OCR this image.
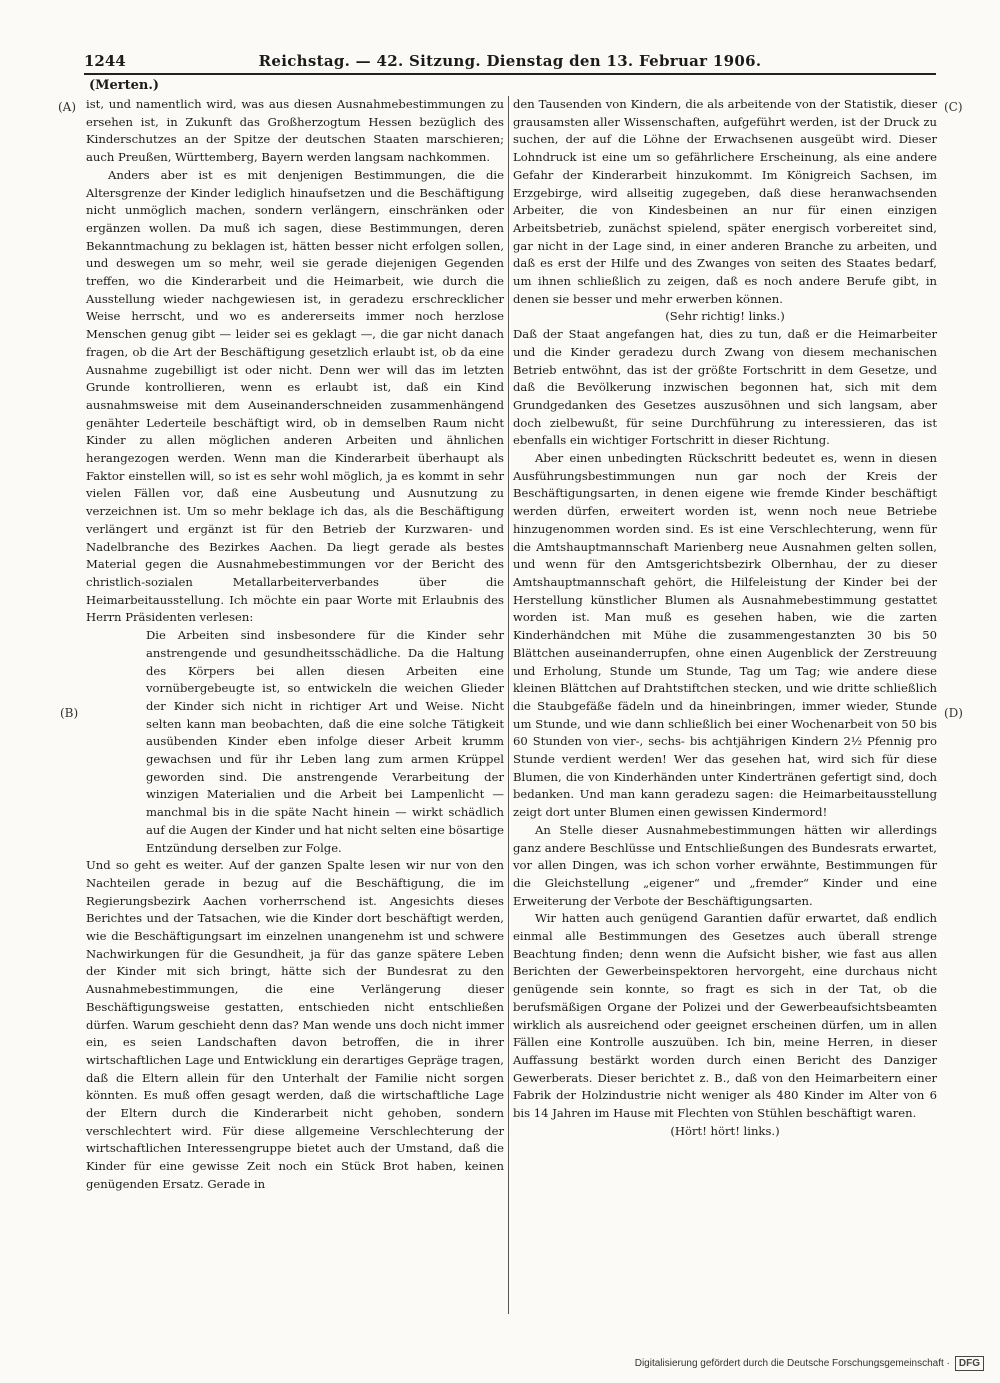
1244	Reichstag. — 42. Sitzung. Dienstag den 13. Februar 1906.
(Merten.)
(A)
(B)
(C)
(D)

ist, und namentlich wird, was aus diesen Ausnahmebestimmungen zu ersehen ist, in Zukunft das Großherzogtum Hessen bezüglich des Kinderschutzes an der Spitze der deutschen Staaten marschieren; auch Preußen, Württemberg, Bayern werden langsam nachkommen.

Anders aber ist es mit denjenigen Bestimmungen, die die Altersgrenze der Kinder lediglich hinaufsetzen und die Beschäftigung nicht unmöglich machen, sondern verlängern, einschränken oder ergänzen wollen. Da muß ich sagen, diese Bestimmungen, deren Bekanntmachung zu beklagen ist, hätten besser nicht erfolgen sollen, und deswegen um so mehr, weil sie gerade diejenigen Gegenden treffen, wo die Kinderarbeit und die Heimarbeit, wie durch die Ausstellung wieder nachgewiesen ist, in geradezu erschrecklicher Weise herrscht, und wo es andererseits immer noch herzlose Menschen genug gibt — leider sei es geklagt —, die gar nicht danach fragen, ob die Art der Beschäftigung gesetzlich erlaubt ist, ob da eine Ausnahme zugebilligt ist oder nicht. Denn wer will das im letzten Grunde kontrollieren, wenn es erlaubt ist, daß ein Kind ausnahmsweise mit dem Auseinanderschneiden zusammenhängend genähter Lederteile beschäftigt wird, ob in demselben Raum nicht Kinder zu allen möglichen anderen Arbeiten und ähnlichen herangezogen werden. Wenn man die Kinderarbeit überhaupt als Faktor einstellen will, so ist es sehr wohl möglich, ja es kommt in sehr vielen Fällen vor, daß eine Ausbeutung und Ausnutzung zu verzeichnen ist. Um so mehr beklage ich das, als die Beschäftigung verlängert und ergänzt ist für den Betrieb der Kurzwaren- und Nadelbranche des Bezirkes Aachen. Da liegt gerade als bestes Material gegen die Ausnahmebestimmungen vor der Bericht des christlich-sozialen Metallarbeiterverbandes über die Heimarbeitausstellung. Ich möchte ein paar Worte mit Erlaubnis des Herrn Präsidenten verlesen:

Die Arbeiten sind insbesondere für die Kinder sehr anstrengende und gesundheitsschädliche. Da die Haltung des Körpers bei allen diesen Arbeiten eine vornübergebeugte ist, so entwickeln die weichen Glieder der Kinder sich nicht in richtiger Art und Weise. Nicht selten kann man beobachten, daß die eine solche Tätigkeit ausübenden Kinder eben infolge dieser Arbeit krumm gewachsen und für ihr Leben lang zum armen Krüppel geworden sind. Die anstrengende Verarbeitung der winzigen Materialien und die Arbeit bei Lampenlicht — manchmal bis in die späte Nacht hinein — wirkt schädlich auf die Augen der Kinder und hat nicht selten eine bösartige Entzündung derselben zur Folge.

Und so geht es weiter. Auf der ganzen Spalte lesen wir nur von den Nachteilen gerade in bezug auf die Beschäftigung, die im Regierungsbezirk Aachen vorherrschend ist. Angesichts dieses Berichtes und der Tatsachen, wie die Kinder dort beschäftigt werden, wie die Beschäftigungsart im einzelnen unangenehm ist und schwere Nachwirkungen für die Gesundheit, ja für das ganze spätere Leben der Kinder mit sich bringt, hätte sich der Bundesrat zu den Ausnahmebestimmungen, die eine Verlängerung dieser Beschäftigungsweise gestatten, entschieden nicht entschließen dürfen. Warum geschieht denn das? Man wende uns doch nicht immer ein, es seien Landschaften davon betroffen, die in ihrer wirtschaftlichen Lage und Entwicklung ein derartiges Gepräge tragen, daß die Eltern allein für den Unterhalt der Familie nicht sorgen könnten. Es muß offen gesagt werden, daß die wirtschaftliche Lage der Eltern durch die Kinderarbeit nicht gehoben, sondern verschlechtert wird. Für diese allgemeine Verschlechterung der wirtschaftlichen Interessengruppe bietet auch der Umstand, daß die Kinder für eine gewisse Zeit noch ein Stück Brot haben, keinen genügenden Ersatz. Gerade in

den Tausenden von Kindern, die als arbeitende von der Statistik, dieser grausamsten aller Wissenschaften, aufgeführt werden, ist der Druck zu suchen, der auf die Löhne der Erwachsenen ausgeübt wird. Dieser Lohndruck ist eine um so gefährlichere Erscheinung, als eine andere Gefahr der Kinderarbeit hinzukommt. Im Königreich Sachsen, im Erzgebirge, wird allseitig zugegeben, daß diese heranwachsenden Arbeiter, die von Kindesbeinen an nur für einen einzigen Arbeitsbetrieb, zunächst spielend, später energisch vorbereitet sind, gar nicht in der Lage sind, in einer anderen Branche zu arbeiten, und daß es erst der Hilfe und des Zwanges von seiten des Staates bedarf, um ihnen schließlich zu zeigen, daß es noch andere Berufe gibt, in denen sie besser und mehr erwerben können.

(Sehr richtig! links.)

Daß der Staat angefangen hat, dies zu tun, daß er die Heimarbeiter und die Kinder geradezu durch Zwang von diesem mechanischen Betrieb entwöhnt, das ist der größte Fortschritt in dem Gesetze, und daß die Bevölkerung inzwischen begonnen hat, sich mit dem Grundgedanken des Gesetzes auszusöhnen und sich langsam, aber doch zielbewußt, für seine Durchführung zu interessieren, das ist ebenfalls ein wichtiger Fortschritt in dieser Richtung.

Aber einen unbedingten Rückschritt bedeutet es, wenn in diesen Ausführungsbestimmungen nun gar noch der Kreis der Beschäftigungsarten, in denen eigene wie fremde Kinder beschäftigt werden dürfen, erweitert worden ist, wenn noch neue Betriebe hinzugenommen worden sind. Es ist eine Verschlechterung, wenn für die Amtshauptmannschaft Marienberg neue Ausnahmen gelten sollen, und wenn für den Amtsgerichtsbezirk Olbernhau, der zu dieser Amtshauptmannschaft gehört, die Hilfeleistung der Kinder bei der Herstellung künstlicher Blumen als Ausnahmebestimmung gestattet worden ist. Man muß es gesehen haben, wie die zarten Kinderhändchen mit Mühe die zusammengestanzten 30 bis 50 Blättchen auseinanderrupfen, ohne einen Augenblick der Zerstreuung und Erholung, Stunde um Stunde, Tag um Tag; wie andere diese kleinen Blättchen auf Drahtstiftchen stecken, und wie dritte schließlich die Staubgefäße fädeln und da hineinbringen, immer wieder, Stunde um Stunde, und wie dann schließlich bei einer Wochenarbeit von 50 bis 60 Stunden von vier-, sechs- bis achtjährigen Kindern 2½ Pfennig pro Stunde verdient werden! Wer das gesehen hat, wird sich für diese Blumen, die von Kinderhänden unter Kindertränen gefertigt sind, doch bedanken. Und man kann geradezu sagen: die Heimarbeitausstellung zeigt dort unter Blumen einen gewissen Kindermord!

An Stelle dieser Ausnahmebestimmungen hätten wir allerdings ganz andere Beschlüsse und Entschließungen des Bundesrats erwartet, vor allen Dingen, was ich schon vorher erwähnte, Bestimmungen für die Gleichstellung „eigener“ und „fremder“ Kinder und eine Erweiterung der Verbote der Beschäftigungsarten.

Wir hatten auch genügend Garantien dafür erwartet, daß endlich einmal alle Bestimmungen des Gesetzes auch überall strenge Beachtung finden; denn wenn die Aufsicht bisher, wie fast aus allen Berichten der Gewerbeinspektoren hervorgeht, eine durchaus nicht genügende sein konnte, so fragt es sich in der Tat, ob die berufsmäßigen Organe der Polizei und der Gewerbeaufsichtsbeamten wirklich als ausreichend oder geeignet erscheinen dürfen, um in allen Fällen eine Kontrolle auszuüben. Ich bin, meine Herren, in dieser Auffassung bestärkt worden durch einen Bericht des Danziger Gewerberats. Dieser berichtet z. B., daß von den Heimarbeitern einer Fabrik der Holzindustrie nicht weniger als 480 Kinder im Alter von 6 bis 14 Jahren im Hause mit Flechten von Stühlen beschäftigt waren.

(Hört! hört! links.)

Digitalisierung gefördert durch die Deutsche Forschungsgemeinschaft · DFG
